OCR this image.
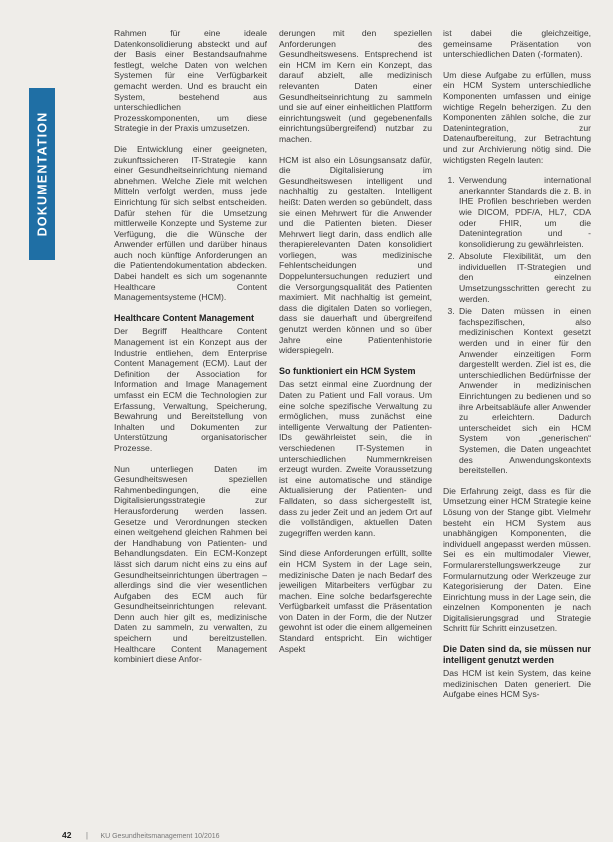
DOKUMENTATION

Rahmen für eine ideale Datenkonsolidierung absteckt und auf der Basis einer Bestandsaufnahme festlegt, welche Daten von welchen Systemen für eine Verfügbarkeit gemacht werden. Und es braucht ein System, bestehend aus unterschiedlichen Prozesskomponenten, um diese Strategie in der Praxis umzusetzen.

Die Entwicklung einer geeigneten, zukunftssicheren IT-Strategie kann einer Gesundheitseinrichtung niemand abnehmen. Welche Ziele mit welchen Mitteln verfolgt werden, muss jede Einrichtung für sich selbst entscheiden. Dafür stehen für die Umsetzung mittlerweile Konzepte und Systeme zur Verfügung, die die Wünsche der Anwender erfüllen und darüber hinaus auch noch künftige Anforderungen an die Patientendokumentation abdecken. Dabei handelt es sich um sogenannte Healthcare Content Managementsysteme (HCM).

Healthcare Content Management

Der Begriff Healthcare Content Management ist ein Konzept aus der Industrie entliehen, dem Enterprise Content Management (ECM). Laut der Definition der Association for Information and Image Management umfasst ein ECM die Technologien zur Erfassung, Verwaltung, Speicherung, Bewahrung und Bereitstellung von Inhalten und Dokumenten zur Unterstützung organisatorischer Prozesse.

Nun unterliegen Daten im Gesundheitswesen speziellen Rahmenbedingungen, die eine Digitalisierungsstrategie zur Herausforderung werden lassen. Gesetze und Verordnungen stecken einen weitgehend gleichen Rahmen bei der Handhabung von Patienten- und Behandlungsdaten. Ein ECM-Konzept lässt sich darum nicht eins zu eins auf Gesundheitseinrichtungen übertragen – allerdings sind die vier wesentlichen Aufgaben des ECM auch für Gesundheitseinrichtungen relevant. Denn auch hier gilt es, medizinische Daten zu sammeln, zu verwalten, zu speichern und bereitzustellen. Healthcare Content Management kombiniert diese Anfor-

derungen mit den speziellen Anforderungen des Gesundheitswesens. Entsprechend ist ein HCM im Kern ein Konzept, das darauf abzielt, alle medizinisch relevanten Daten einer Gesundheitseinrichtung zu sammeln und sie auf einer einheitlichen Plattform einrichtungsweit (und gegebenenfalls einrichtungsübergreifend) nutzbar zu machen.

HCM ist also ein Lösungsansatz dafür, die Digitalisierung im Gesundheitswesen intelligent und nachhaltig zu gestalten. Intelligent heißt: Daten werden so gebündelt, dass sie einen Mehrwert für die Anwender und die Patienten bieten. Dieser Mehrwert liegt darin, dass endlich alle therapierelevanten Daten konsolidiert vorliegen, was medizinische Fehlentscheidungen und Doppeluntersuchungen reduziert und die Versorgungsqualität des Patienten maximiert. Mit nachhaltig ist gemeint, dass die digitalen Daten so vorliegen, dass sie dauerhaft und übergreifend genutzt werden können und so über Jahre eine Patientenhistorie widerspiegeln.

So funktioniert ein HCM System

Das setzt einmal eine Zuordnung der Daten zu Patient und Fall voraus. Um eine solche spezifische Verwaltung zu ermöglichen, muss zunächst eine intelligente Verwaltung der Patienten-IDs gewährleistet sein, die in verschiedenen IT-Systemen in unterschiedlichen Nummernkreisen erzeugt wurden. Zweite Voraussetzung ist eine automatische und ständige Aktualisierung der Patienten- und Falldaten, so dass sichergestellt ist, dass zu jeder Zeit und an jedem Ort auf die vollständigen, aktuellen Daten zugegriffen werden kann.

Sind diese Anforderungen erfüllt, sollte ein HCM System in der Lage sein, medizinische Daten je nach Bedarf des jeweiligen Mitarbeiters verfügbar zu machen. Eine solche bedarfsgerechte Verfügbarkeit umfasst die Präsentation von Daten in der Form, die der Nutzer gewohnt ist oder die einem allgemeinen Standard entspricht. Ein wichtiger Aspekt

ist dabei die gleichzeitige, gemeinsame Präsentation von unterschiedlichen Daten (-formaten).

Um diese Aufgabe zu erfüllen, muss ein HCM System unterschiedliche Komponenten umfassen und einige wichtige Regeln beherzigen. Zu den Komponenten zählen solche, die zur Datenintegration, zur Datenaufbereitung, zur Betrachtung und zur Archivierung nötig sind. Die wichtigsten Regeln lauten:

1. Verwendung international anerkannter Standards die z. B. in IHE Profilen beschrieben werden wie DICOM, PDF/A, HL7, CDA oder FHIR, um die Datenintegration und -konsolidierung zu gewährleisten.
2. Absolute Flexibilität, um den individuellen IT-Strategien und den einzelnen Umsetzungsschritten gerecht zu werden.
3. Die Daten müssen in einen fachspezifischen, also medizinischen Kontext gesetzt werden und in einer für den Anwender einzeitigen Form dargestellt werden. Ziel ist es, die unterschiedlichen Bedürfnisse der Anwender in medizinischen Einrichtungen zu bedienen und so ihre Arbeitsabläufe aller Anwender zu erleichtern. Dadurch unterscheidet sich ein HCM System von „generischen“ Systemen, die Daten ungeachtet des Anwendungskontexts bereitstellen.

Die Erfahrung zeigt, dass es für die Umsetzung einer HCM Strategie keine Lösung von der Stange gibt. Vielmehr besteht ein HCM System aus unabhängigen Komponenten, die individuell angepasst werden müssen. Sei es ein multimodaler Viewer, Formularerstellungswerkzeuge zur Formularnutzung oder Werkzeuge zur Kategorisierung der Daten. Eine Einrichtung muss in der Lage sein, die einzelnen Komponenten je nach Digitalisierungsgrad und Strategie Schritt für Schritt einzusetzen.

Die Daten sind da, sie müssen nur intelligent genutzt werden

Das HCM ist kein System, das keine medizinischen Daten generiert. Die Aufgabe eines HCM Sys-

42 | KU Gesundheitsmanagement 10/2016
